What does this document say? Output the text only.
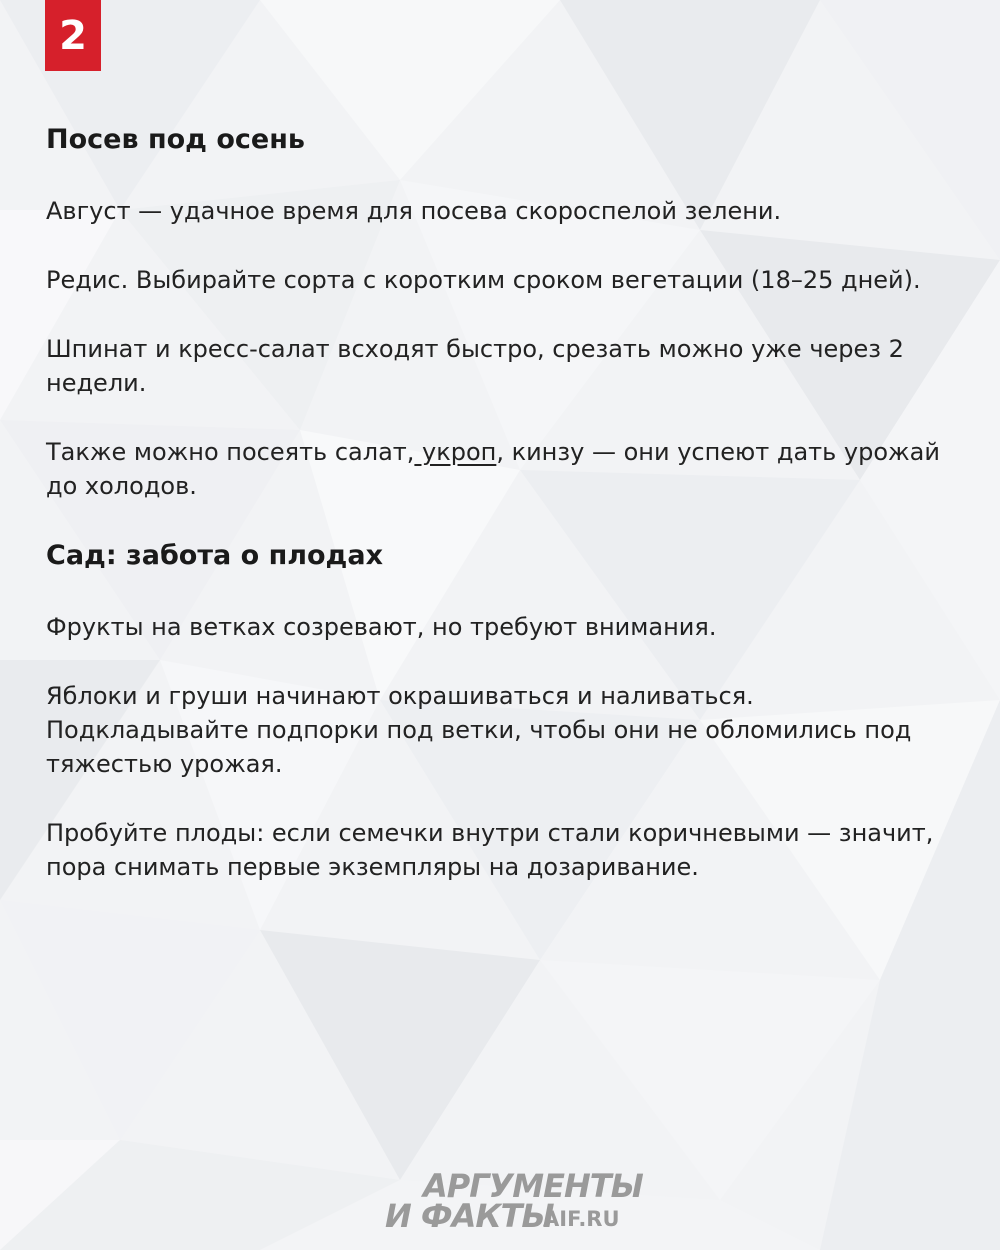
2
Посев под осень

Август — удачное время для посева скороспелой зелени.

Редис. Выбирайте сорта с коротким сроком вегетации (18–25 дней).

Шпинат и кресс-салат всходят быстро, срезать можно уже через 2 недели.

Также можно посеять салат, укроп, кинзу — они успеют дать урожай до холодов.

Сад: забота о плодах

Фрукты на ветках созревают, но требуют внимания.

Яблоки и груши начинают окрашиваться и наливаться. Подкладывайте подпорки под ветки, чтобы они не обломились под тяжестью урожая.

Пробуйте плоды: если семечки внутри стали коричневыми — значит, пора снимать первые экземпляры на дозаривание.

АРГУМЕНТЫ
И ФАКТЫ
AIF.RU
